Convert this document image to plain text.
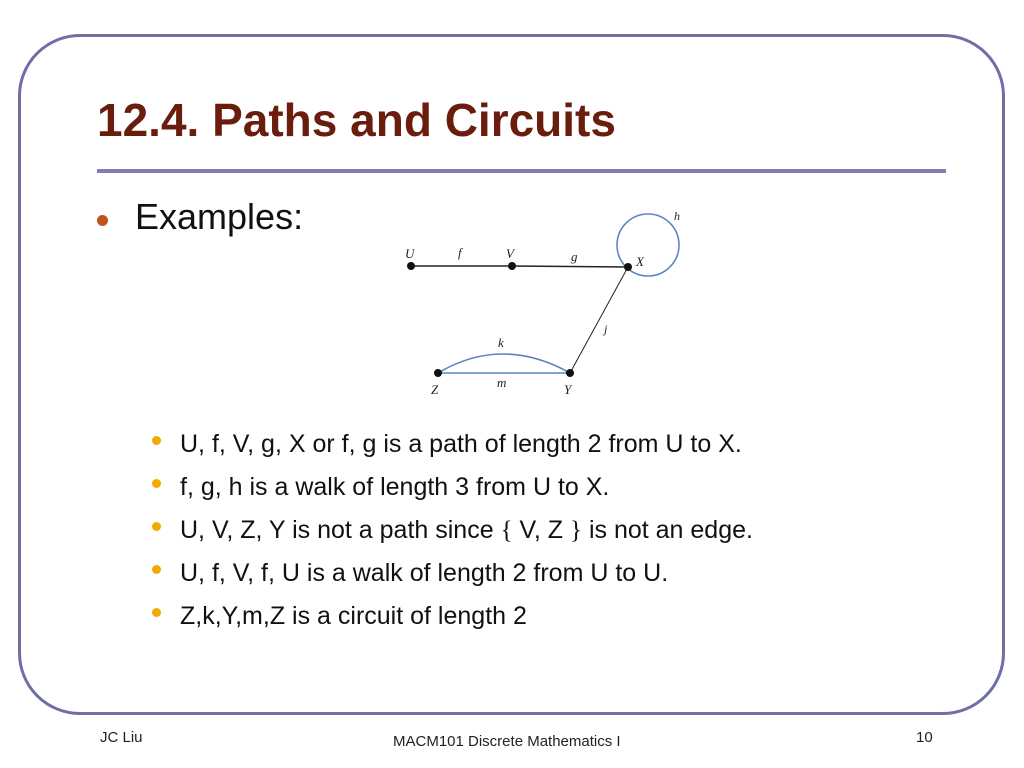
12.4. Paths and Circuits
Examples:
U	V
X
Z	Y
f	g
h
j
k
m
U, f, V, g, X or f, g is a path of length 2 from U to X.
f, g, h is a walk of length 3 from U to X.
U, V, Z, Y is not a path since { V, Z } is not an edge.
U, f, V, f, U is a walk of length 2 from U to U.
Z,k,Y,m,Z is a circuit of length 2
JC Liu	MACM101 Discrete Mathematics I	10
